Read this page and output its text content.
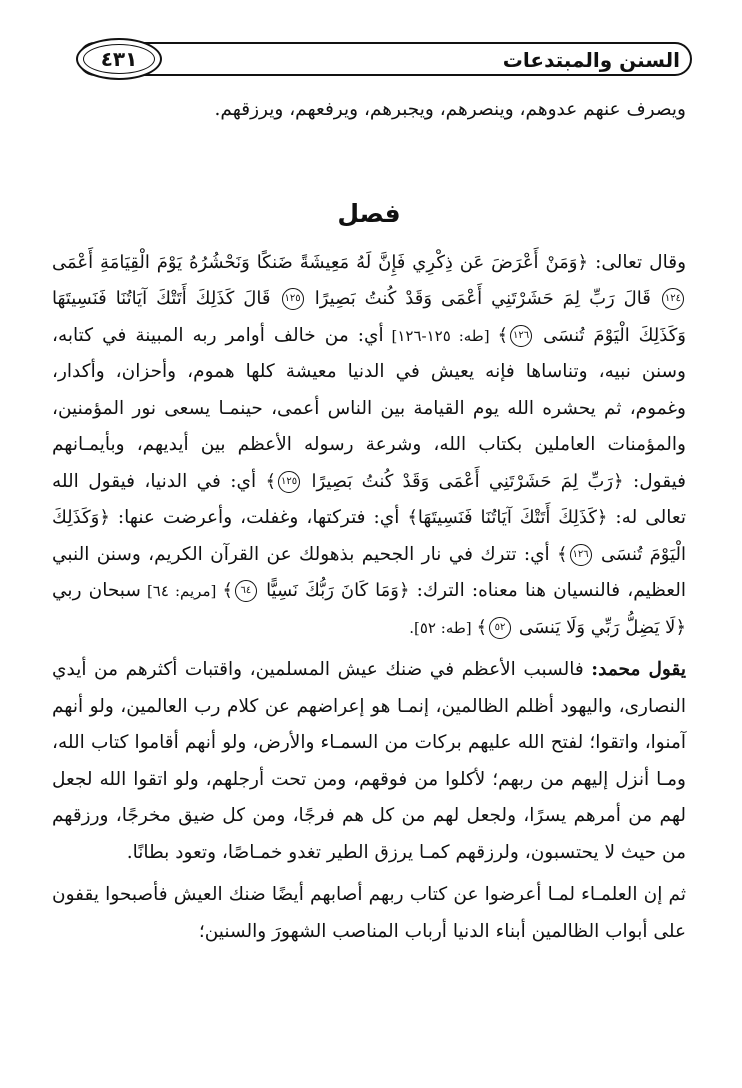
السنن والمبتدعات
٤٣١

ويصرف عنهم عدوهم، وينصرهم، ويجبرهم، ويرفعهم، ويرزقهم.

فصل

وقال تعالى: ﴿وَمَنْ أَعْرَضَ عَن ذِكْرِي فَإِنَّ لَهُ مَعِيشَةً ضَنكًا وَنَحْشُرُهُ يَوْمَ الْقِيَامَةِ أَعْمَى ١٢٤ قَالَ رَبِّ لِمَ حَشَرْتَنِي أَعْمَى وَقَدْ كُنتُ بَصِيرًا ١٢٥ قَالَ كَذَلِكَ أَتَتْكَ آيَاتُنَا فَنَسِيتَهَا وَكَذَلِكَ الْيَوْمَ تُنسَى ١٢٦﴾ [طه: ١٢٥-١٢٦] أي: من خالف أوامر ربه المبينة في كتابه، وسنن نبيه، وتناساها فإنه يعيش في الدنيا معيشة كلها هموم، وأحزان، وأكدار، وغموم، ثم يحشره الله يوم القيامة بين الناس أعمى، حينمـا يسعى نور المؤمنين، والمؤمنات العاملين بكتاب الله، وشرعة رسوله الأعظم بين أيديهم، وبأيمـانهم فيقول: ﴿رَبِّ لِمَ حَشَرْتَنِي أَعْمَى وَقَدْ كُنتُ بَصِيرًا ١٢٥﴾ أي: في الدنيا، فيقول الله تعالى له: ﴿كَذَلِكَ أَتَتْكَ آيَاتُنَا فَنَسِيتَهَا﴾ أي: فتركتها، وغفلت، وأعرضت عنها: ﴿وَكَذَلِكَ الْيَوْمَ تُنسَى ١٢٦﴾ أي: تترك في نار الجحيم بذهولك عن القرآن الكريم، وسنن النبي العظيم، فالنسيان هنا معناه: الترك: ﴿وَمَا كَانَ رَبُّكَ نَسِيًّا ٦٤﴾ [مريم: ٦٤] سبحان ربي ﴿لَا يَضِلُّ رَبِّي وَلَا يَنسَى ٥٢﴾ [طه: ٥٢].

يقول محمد: فالسبب الأعظم في ضنك عيش المسلمين، واقتبات أكثرهم من أيدي النصارى، واليهود أظلم الظالمين، إنمـا هو إعراضهم عن كلام رب العالمين، ولو أنهم آمنوا، واتقوا؛ لفتح الله عليهم بركات من السمـاء والأرض، ولو أنهم أقاموا كتاب الله، ومـا أنزل إليهم من ربهم؛ لأكلوا من فوقهم، ومن تحت أرجلهم، ولو اتقوا الله لجعل لهم من أمرهم يسرًا، ولجعل لهم من كل هم فرجًا، ومن كل ضيق مخرجًا، ورزقهم من حيث لا يحتسبون، ولرزقهم كمـا يرزق الطير تغدو خمـاصًا، وتعود بطانًا.

ثم إن العلمـاء لمـا أعرضوا عن كتاب ربهم أصابهم أيضًا ضنك العيش فأصبحوا يقفون على أبواب الظالمين أبناء الدنيا أرباب المناصب الشهورَ والسنين؛
